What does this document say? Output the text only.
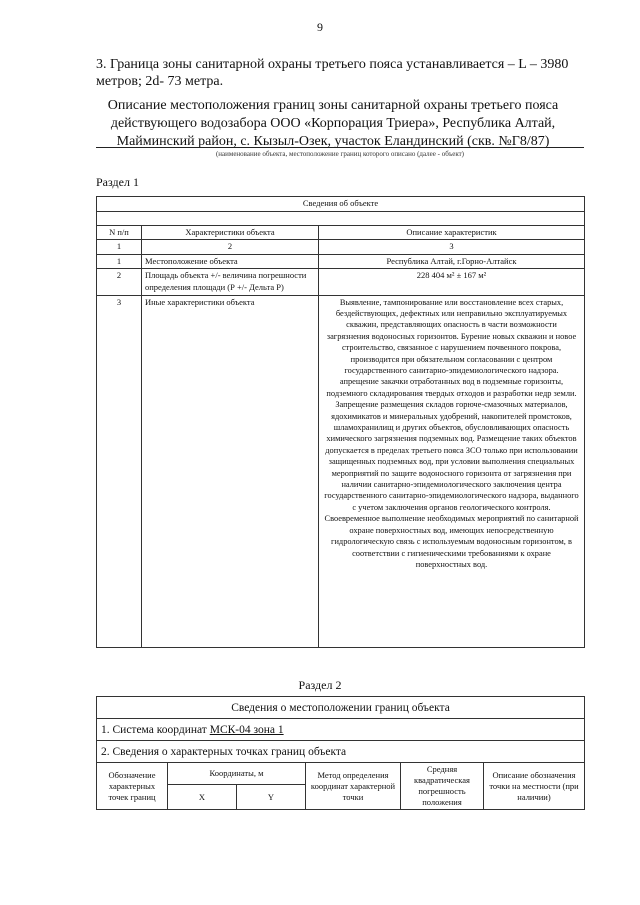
9
3. Граница зоны санитарной охраны третьего пояса устанавливается – L – 3980 метров; 2d- 73 метра.
Описание местоположения границ зоны санитарной охраны третьего пояса действующего водозабора ООО «Корпорация Триера», Республика Алтай, Майминский район, с. Кызыл-Озек, участок Еландинский (скв. №Г8/87)
(наименование объекта, местоположение границ которого описано (далее - объект)
Раздел 1
Сведения об объекте		

N п/п	Характеристики объекта	Описание характеристик
1	2	3
1	Местоположение объекта	Республика Алтай, г.Горно-Алтайск
2	Площадь объекта +/- величина погрешности определения площади (Р +/- Дельта Р)	228 404 м² ± 167 м²
3	Иные характеристики объекта	Выявление, тампонирование или восстановление всех старых, бездействующих, дефектных или неправильно эксплуатируемых скважин, представляющих опасность в части возможности загрязнения водоносных горизонтов. Бурение новых скважин и новое строительство, связанное с нарушением почвенного покрова, производится при обязательном согласовании с центром государственного санитарно-эпидемиологического надзора. апрещение закачки отработанных вод в подземные горизонты, подземного складирования твердых отходов и разработки недр земли. Запрещение размещения складов горюче-смазочных материалов, ядохимикатов и минеральных удобрений, накопителей промстоков, шламохранилищ и других объектов, обусловливающих опасность химического загрязнения подземных вод. Размещение таких объектов допускается в пределах третьего пояса ЗСО только при использовании защищенных подземных вод, при условии выполнения специальных мероприятий по защите водоносного горизонта от загрязнения при наличии санитарно-эпидемиологического заключения центра государственного санитарно-эпидемиологического надзора, выданного с учетом заключения органов геологического контроля. Своевременное выполнение необходимых мероприятий по санитарной охране поверхностных вод, имеющих непосредственную гидрологическую связь с используемым водоносным горизонтом, в соответствии с гигиеническими требованиями к охране поверхностных вод.
Раздел 2
Сведения о местоположении границ объекта					
1. Система координат МСК-04 зона 1					
2. Сведения о характерных точках границ объекта					
Обозначение характерных точек границ	Координаты, м		Метод определения координат характерной точки	Средняя квадратическая погрешность положения	Описание обозначения точки на местности (при наличии)
	X	Y			
